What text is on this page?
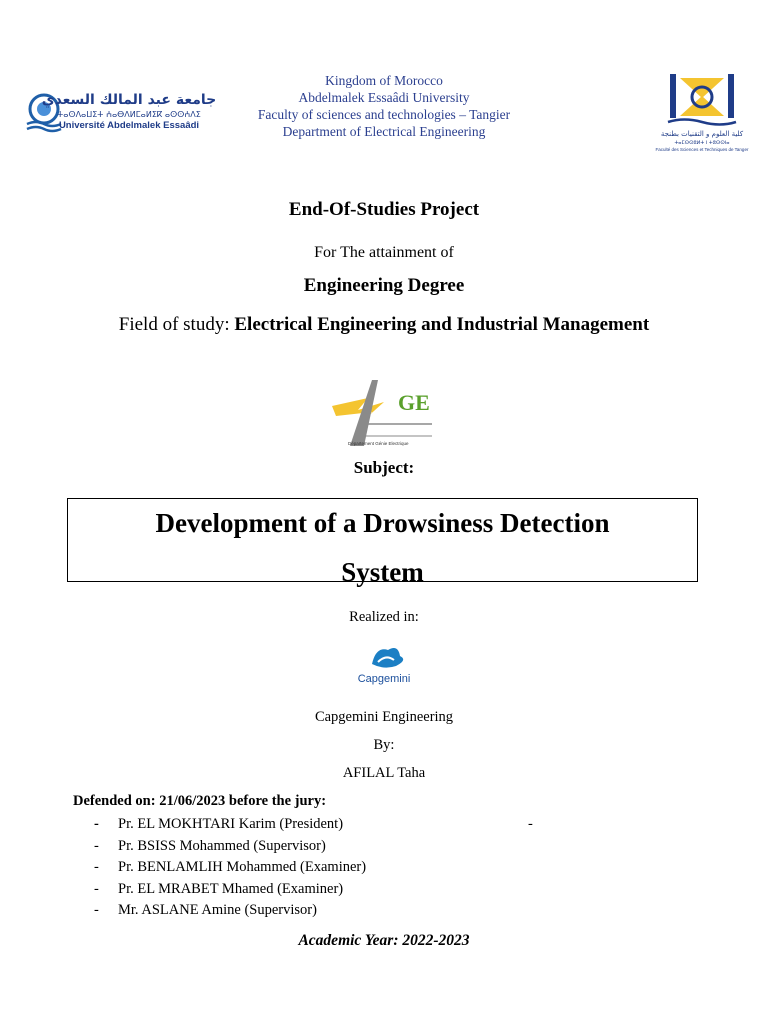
جامعة عبد المالك السعدي
ⵜⴰⵙⴷⴰⵡⵉⵜ ⵄⴰⴱⴷⵍⵎⴰⵍⵉⴽ ⴰⵙⵙⵄⴷⵉ
Université Abdelmalek Essaâdi
Kingdom of Morocco
Abdelmalek Essaâdi University
Faculty of sciences and technologies – Tangier
Department of Electrical Engineering	كلية العلوم و التقنيات بطنجة
ⵜⴰⵎⵙⵙⵓⵍⵜ ⵏ ⵜⵓⵙⵙⵏⴰ
Faculté des Sciences et Techniques de Tanger
End-Of-Studies Project
For The attainment of
Engineering Degree
Field of study: Electrical Engineering and Industrial Management
GE
Département Génie Electrique
Subject:
Development of a Drowsiness Detection
System
Realized in:
Capgemini
Capgemini Engineering
By:
AFILAL Taha
Defended on: 21/06/2023 before the jury:
- Pr. EL MOKHTARI Karim (President)
- Pr. BSISS Mohammed (Supervisor)
- Pr. BENLAMLIH Mohammed (Examiner)
- Pr. EL MRABET Mhamed (Examiner)
- Mr. ASLANE Amine (Supervisor)
-
Academic Year: 2022-2023
